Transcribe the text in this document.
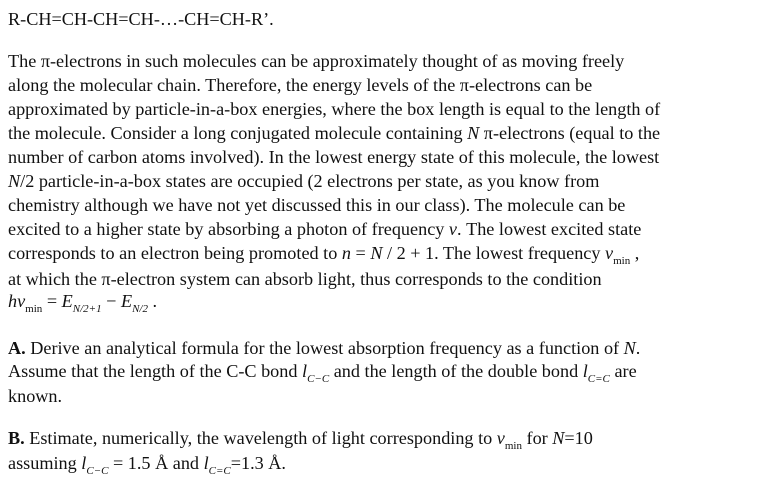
R-CH=CH-CH=CH-…-CH=CH-R’.
The π-electrons in such molecules can be approximately thought of as moving freely
along the molecular chain. Therefore, the energy levels of the π-electrons can be
approximated by particle-in-a-box energies, where the box length is equal to the length of
the molecule. Consider a long conjugated molecule containing N π-electrons (equal to the
number of carbon atoms involved). In the lowest energy state of this molecule, the lowest
N/2 particle-in-a-box states are occupied (2 electrons per state, as you know from
chemistry although we have not yet discussed this in our class). The molecule can be
excited to a higher state by absorbing a photon of frequency ν. The lowest excited state
corresponds to an electron being promoted to n = N / 2 + 1. The lowest frequency $\nu_{min}$ ,
at which the π-electron system can absorb light, thus corresponds to the condition
$h\nu_{min} = E_{N/2+1} - E_{N/2}$ .
A. Derive an analytical formula for the lowest absorption frequency as a function of N.
Assume that the length of the C-C bond $l_{C-C}$ and the length of the double bond $l_{C=C}$ are
known.
B. Estimate, numerically, the wavelength of light corresponding to $\nu_{min}$ for N=10
assuming $l_{C-C} = 1.5$ Å and $l_{C=C}=1.3$ Å.
